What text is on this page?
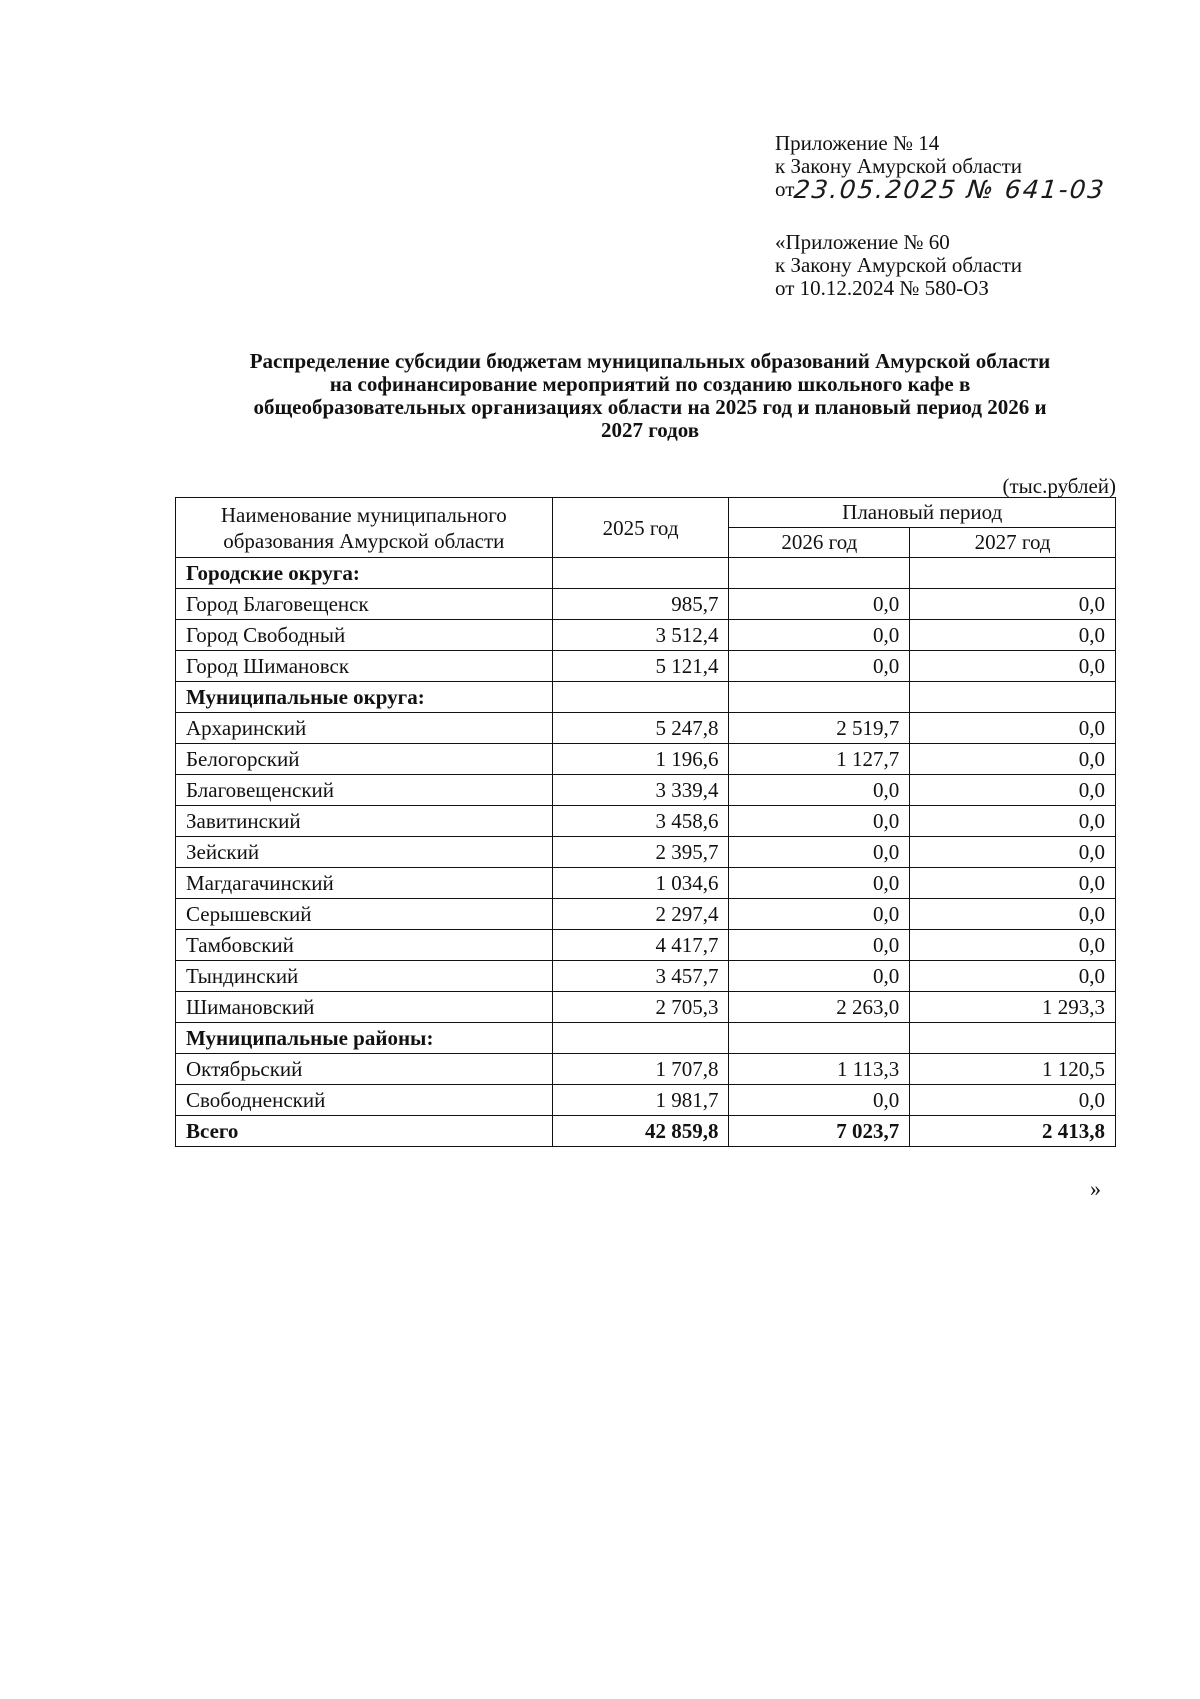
Приложение № 14
к Закону Амурской области
от23.05.2025 № 641-03
«Приложение № 60
к Закону Амурской области
от 10.12.2024 № 580-ОЗ
Распределение субсидии бюджетам муниципальных образований Амурской области
на софинансирование мероприятий по созданию школьного кафе в
общеобразовательных организациях области на 2025 год и плановый период 2026 и
2027 годов
(тыс.рублей)
Наименование муниципального образования Амурской области	2025 год	Плановый период	
		2026 год	2027 год
Городские округа:			
Город Благовещенск	985,7	0,0	0,0
Город Свободный	3 512,4	0,0	0,0
Город Шимановск	5 121,4	0,0	0,0
Муниципальные округа:			
Архаринский	5 247,8	2 519,7	0,0
Белогорский	1 196,6	1 127,7	0,0
Благовещенский	3 339,4	0,0	0,0
Завитинский	3 458,6	0,0	0,0
Зейский	2 395,7	0,0	0,0
Магдагачинский	1 034,6	0,0	0,0
Серышевский	2 297,4	0,0	0,0
Тамбовский	4 417,7	0,0	0,0
Тындинский	3 457,7	0,0	0,0
Шимановский	2 705,3	2 263,0	1 293,3
Муниципальные районы:			
Октябрьский	1 707,8	1 113,3	1 120,5
Свободненский	1 981,7	0,0	0,0
Всего	42 859,8	7 023,7	2 413,8
»
